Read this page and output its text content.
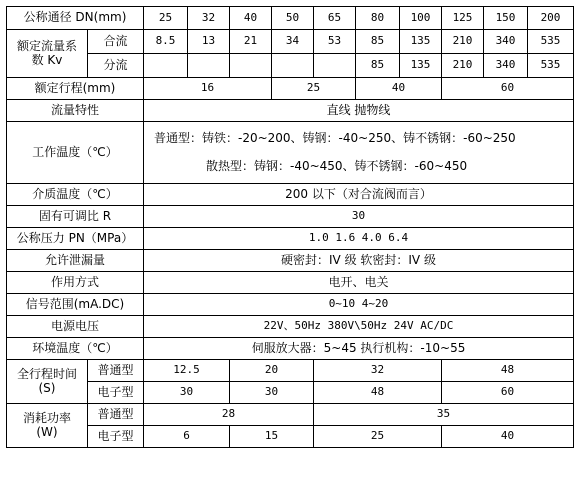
公称通径 DN(mm)		25	32	40	50	65	80	100	125	150	200
额定流量系
数 Kv	合流	8.5	13	21	34	53	85	135	210	340	535
	分流						85	135	210	340	535
额定行程(mm)		16			25		40		60		
流量特性		直线 抛物线									
工作温度（℃）		普通型：铸铁：-20~200、铸钢：-40~250、铸不锈钢：-60~250
散热型：铸钢：-40~450、铸不锈钢：-60~450									

介质温度（℃）		200 以下（对合流阀而言）									
固有可调比 R		30									
公称压力 PN（MPa）		1.0 1.6 4.0 6.4									
允许泄漏量		硬密封：IV 级 软密封：IV 级									
作用方式		电开、电关									
信号范围(mA.DC)		0~10 4~20									
电源电压		22V、50Hz 380V\50Hz 24V AC/DC									
环境温度（℃）		伺服放大器：5~45 执行机构：-10~55									
全行程时间
(S)	普通型	12.5		20		32			48		
	电子型	30		30		48			60		
消耗功率
(W)	普通型	28				35					
	电子型	6		15		25			40		
